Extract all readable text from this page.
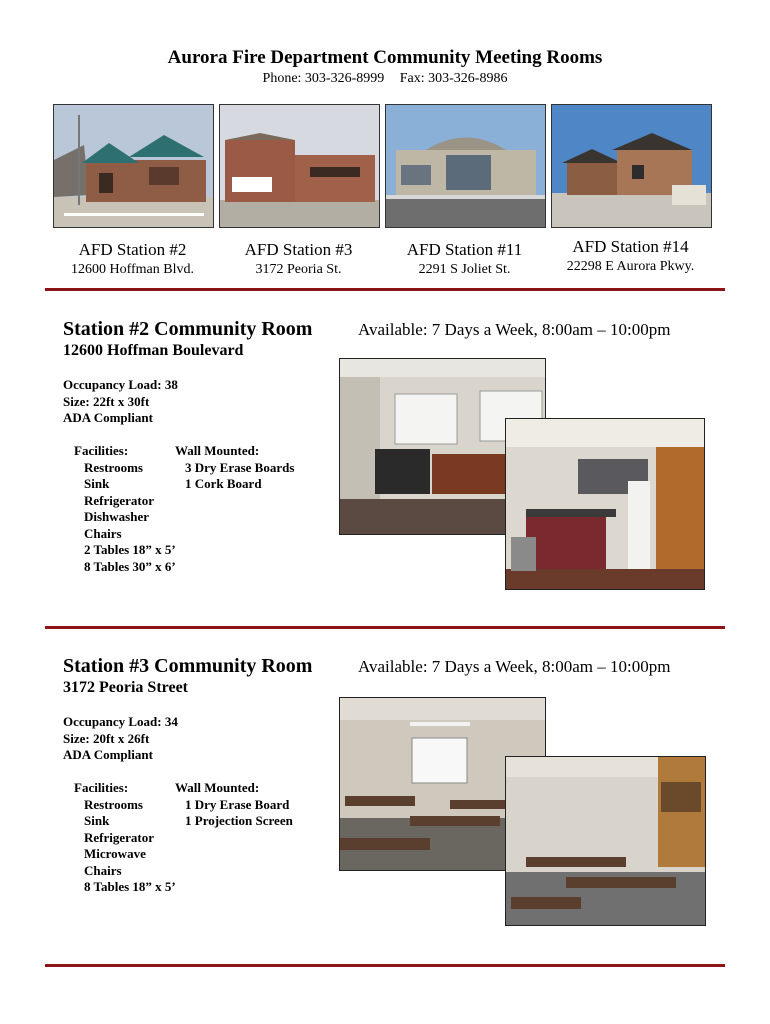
Aurora Fire Department Community Meeting Rooms
Phone: 303-326-8999 Fax: 303-326-8986
AFD Station #2
12600 Hoffman Blvd.
AFD Station #3
3172 Peoria St.
AFD Station #11
2291 S Joliet St.
AFD Station #14
22298 E Aurora Pkwy.
Station #2 Community Room	Available: 7 Days a Week, 8:00am – 10:00pm
12600 Hoffman Boulevard
Occupancy Load: 38
Size: 22ft x 30ft
ADA Compliant
Facilities:
Restrooms
Sink
Refrigerator
Dishwasher
Chairs
2 Tables 18” x 5’
8 Tables 30” x 6’
Wall Mounted:
3 Dry Erase Boards
1 Cork Board
Station #3 Community Room	Available: 7 Days a Week, 8:00am – 10:00pm
3172 Peoria Street
Occupancy Load: 34
Size: 20ft x 26ft
ADA Compliant
Facilities:
Restrooms
Sink
Refrigerator
Microwave
Chairs
8 Tables 18” x 5’
Wall Mounted:
1 Dry Erase Board
1 Projection Screen
